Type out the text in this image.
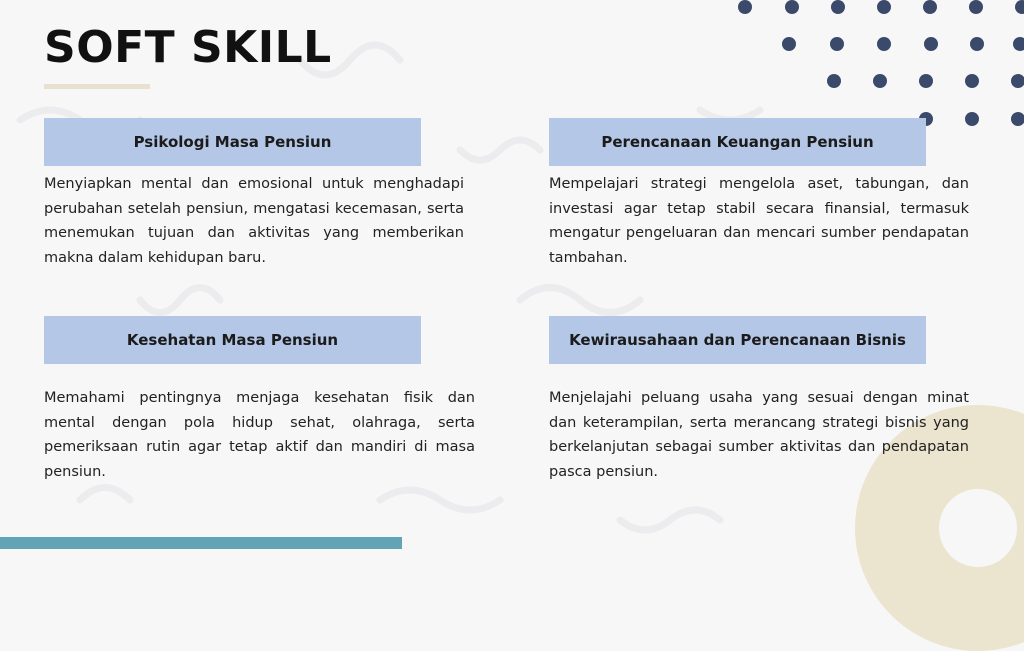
SOFT SKILL
Psikologi Masa Pensiun

Menyiapkan mental dan emosional untuk menghadapi perubahan setelah pensiun, mengatasi kecemasan, serta menemukan tujuan dan aktivitas yang memberikan makna dalam kehidupan baru.

Perencanaan Keuangan Pensiun

Mempelajari strategi mengelola aset, tabungan, dan investasi agar tetap stabil secara finansial, termasuk mengatur pengeluaran dan mencari sumber pendapatan tambahan.

Kesehatan Masa Pensiun

Memahami pentingnya menjaga kesehatan fisik dan mental dengan pola hidup sehat, olahraga, serta pemeriksaan rutin agar tetap aktif dan mandiri di masa pensiun.

Kewirausahaan dan Perencanaan Bisnis

Menjelajahi peluang usaha yang sesuai dengan minat dan keterampilan, serta merancang strategi bisnis yang berkelanjutan sebagai sumber aktivitas dan pendapatan pasca pensiun.
